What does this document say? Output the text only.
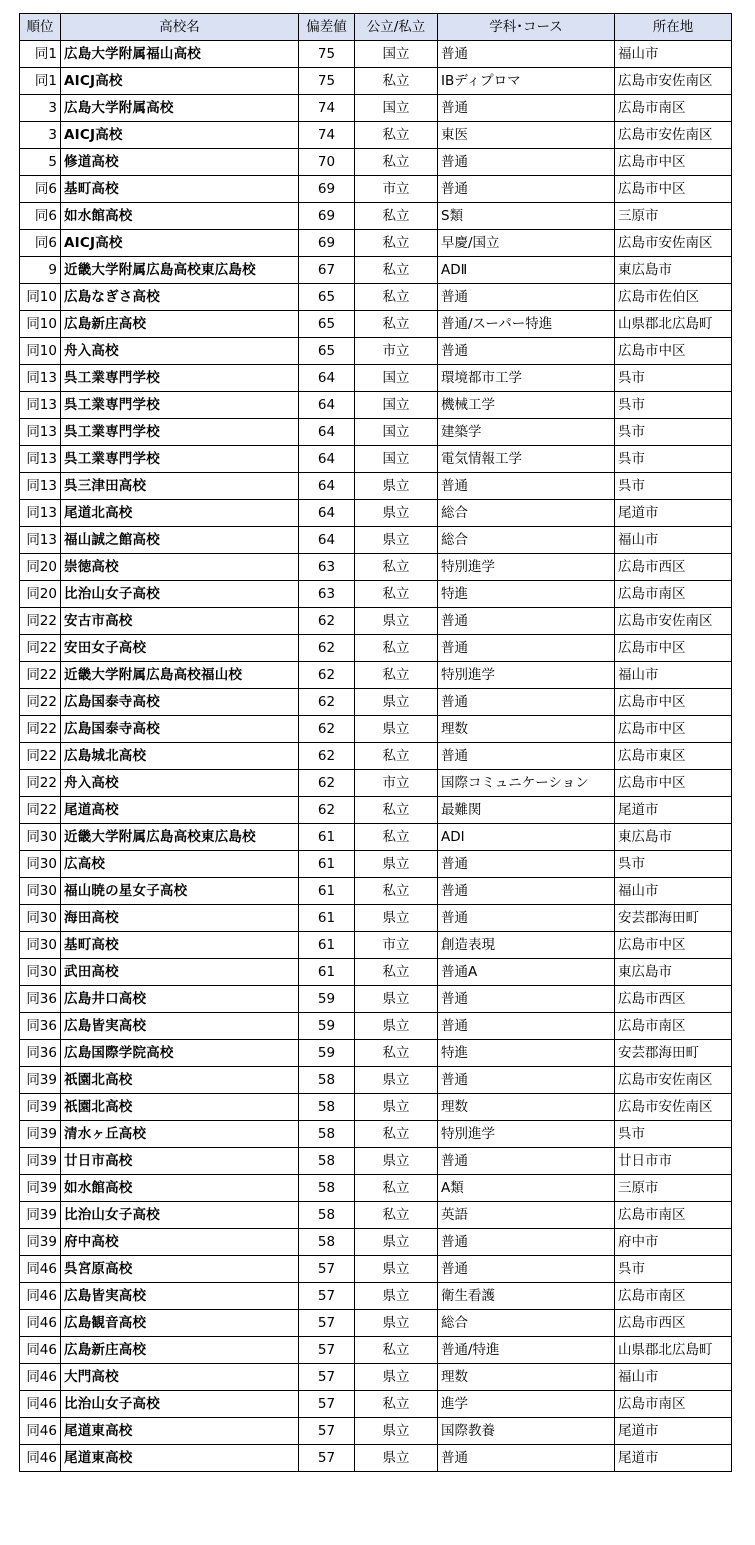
順位	高校名	偏差値	公立/私立	学科･コース	所在地
同1	広島大学附属福山高校	75	国立	普通	福山市
同1	AICJ高校	75	私立	IBディプロマ	広島市安佐南区
3	広島大学附属高校	74	国立	普通	広島市南区
3	AICJ高校	74	私立	東医	広島市安佐南区
5	修道高校	70	私立	普通	広島市中区
同6	基町高校	69	市立	普通	広島市中区
同6	如水館高校	69	私立	S類	三原市
同6	AICJ高校	69	私立	早慶/国立	広島市安佐南区
9	近畿大学附属広島高校東広島校	67	私立	ADⅡ	東広島市
同10	広島なぎさ高校	65	私立	普通	広島市佐伯区
同10	広島新庄高校	65	私立	普通/スーパー特進	山県郡北広島町
同10	舟入高校	65	市立	普通	広島市中区
同13	呉工業専門学校	64	国立	環境都市工学	呉市
同13	呉工業専門学校	64	国立	機械工学	呉市
同13	呉工業専門学校	64	国立	建築学	呉市
同13	呉工業専門学校	64	国立	電気情報工学	呉市
同13	呉三津田高校	64	県立	普通	呉市
同13	尾道北高校	64	県立	総合	尾道市
同13	福山誠之館高校	64	県立	総合	福山市
同20	崇徳高校	63	私立	特別進学	広島市西区
同20	比治山女子高校	63	私立	特進	広島市南区
同22	安古市高校	62	県立	普通	広島市安佐南区
同22	安田女子高校	62	私立	普通	広島市中区
同22	近畿大学附属広島高校福山校	62	私立	特別進学	福山市
同22	広島国泰寺高校	62	県立	普通	広島市中区
同22	広島国泰寺高校	62	県立	理数	広島市中区
同22	広島城北高校	62	私立	普通	広島市東区
同22	舟入高校	62	市立	国際コミュニケーション	広島市中区
同22	尾道高校	62	私立	最難関	尾道市
同30	近畿大学附属広島高校東広島校	61	私立	ADⅠ	東広島市
同30	広高校	61	県立	普通	呉市
同30	福山暁の星女子高校	61	私立	普通	福山市
同30	海田高校	61	県立	普通	安芸郡海田町
同30	基町高校	61	市立	創造表現	広島市中区
同30	武田高校	61	私立	普通A	東広島市
同36	広島井口高校	59	県立	普通	広島市西区
同36	広島皆実高校	59	県立	普通	広島市南区
同36	広島国際学院高校	59	私立	特進	安芸郡海田町
同39	祇園北高校	58	県立	普通	広島市安佐南区
同39	祇園北高校	58	県立	理数	広島市安佐南区
同39	清水ヶ丘高校	58	私立	特別進学	呉市
同39	廿日市高校	58	県立	普通	廿日市市
同39	如水館高校	58	私立	A類	三原市
同39	比治山女子高校	58	私立	英語	広島市南区
同39	府中高校	58	県立	普通	府中市
同46	呉宮原高校	57	県立	普通	呉市
同46	広島皆実高校	57	県立	衛生看護	広島市南区
同46	広島観音高校	57	県立	総合	広島市西区
同46	広島新庄高校	57	私立	普通/特進	山県郡北広島町
同46	大門高校	57	県立	理数	福山市
同46	比治山女子高校	57	私立	進学	広島市南区
同46	尾道東高校	57	県立	国際教養	尾道市
同46	尾道東高校	57	県立	普通	尾道市
